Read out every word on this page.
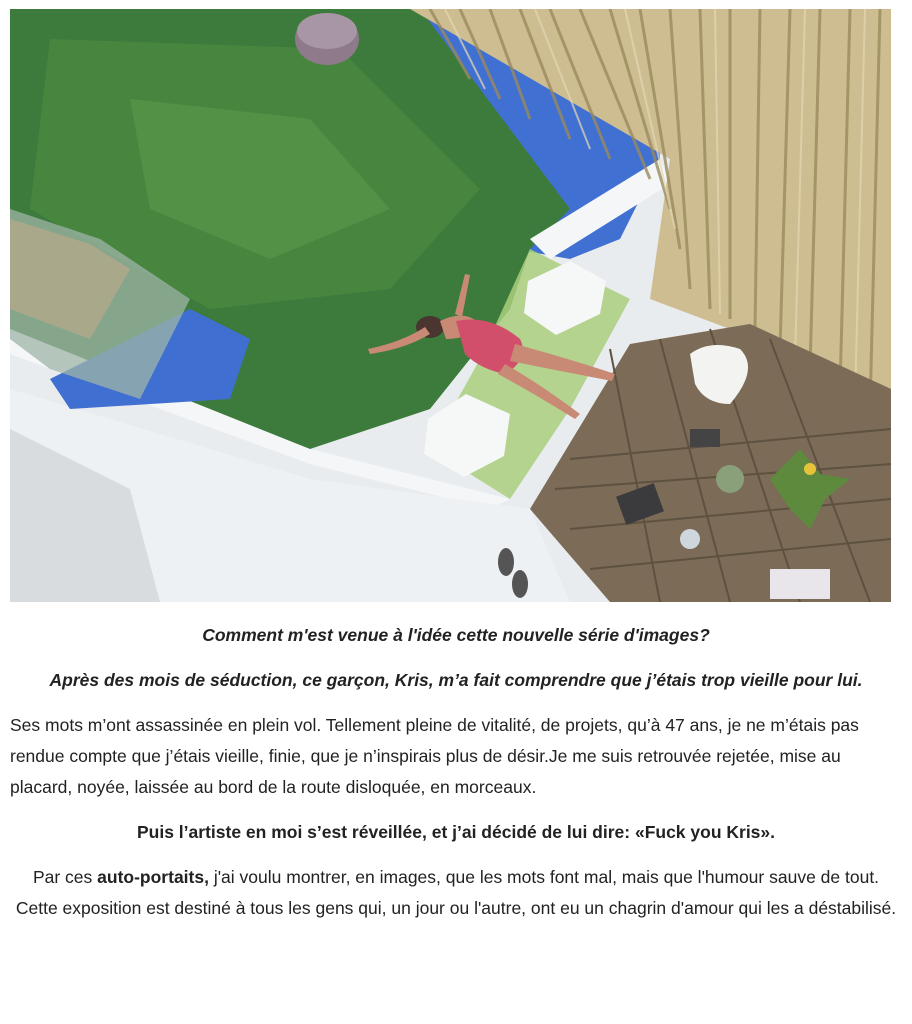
Comment m'est venue à l'idée cette nouvelle série d'images?

Après des mois de séduction, ce garçon, Kris, m’a fait comprendre que j’étais trop vieille pour lui.

Ses mots m’ont assassinée en plein vol. Tellement pleine de vitalité, de projets, qu’à 47 ans, je ne m’étais pas rendue compte que j’étais vieille, finie, que je n’inspirais plus de désir.Je me suis retrouvée rejetée, mise au placard, noyée, laissée au bord de la route disloquée, en morceaux.

Puis l’artiste en moi s’est réveillée, et j’ai décidé de lui dire: «Fuck you Kris».

Par ces auto-portaits, j'ai voulu montrer, en images, que les mots font mal, mais que l'humour sauve de tout. Cette exposition est destiné à tous les gens qui, un jour ou l'autre, ont eu un chagrin d'amour qui les a déstabilisé.
